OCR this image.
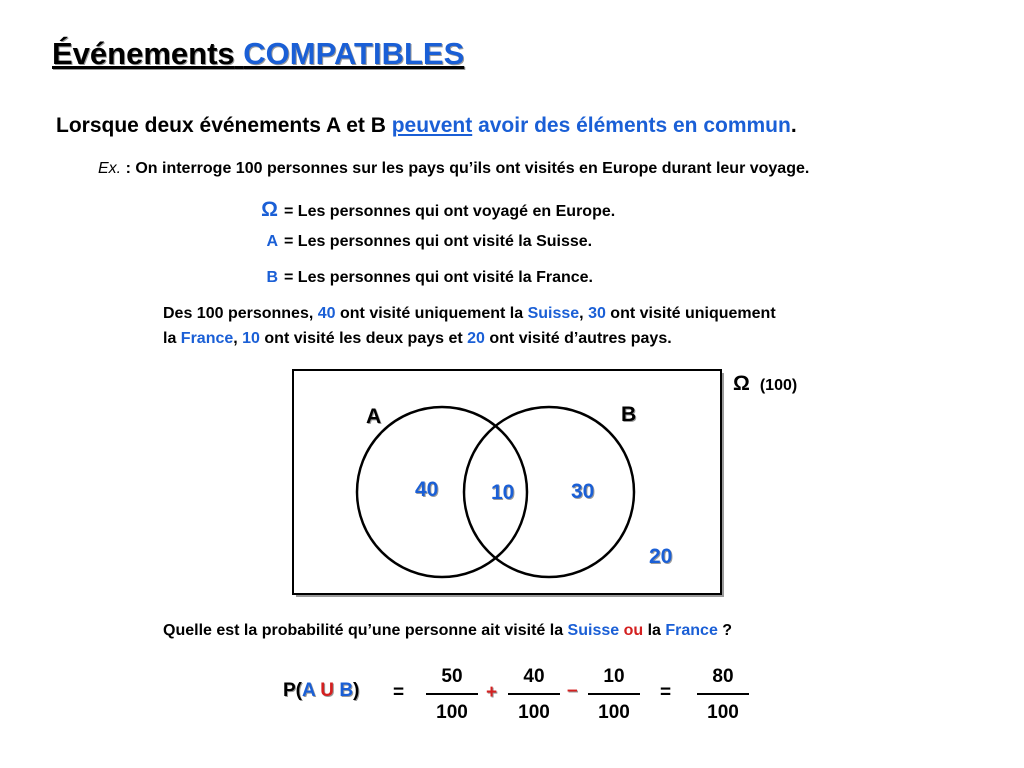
Événements COMPATIBLES
Lorsque deux événements A et B peuvent avoir des éléments en commun.
Ex. : On interroge 100 personnes sur les pays qu’ils ont visités en Europe durant leur voyage.
Ω = Les personnes qui ont voyagé en Europe.
A = Les personnes qui ont visité la Suisse.
B = Les personnes qui ont visité la France.
Des 100 personnes, 40 ont visité uniquement la Suisse, 30 ont visité uniquement
la France, 10 ont visité les deux pays et 20 ont visité d’autres pays.
Ω (100)
A	B
40	10	30
20
Quelle est la probabilité qu’une personne ait visité la Suisse ou la France ?
P(A U B) =
50
100
+
40
100
–
10
100
=
80
100
